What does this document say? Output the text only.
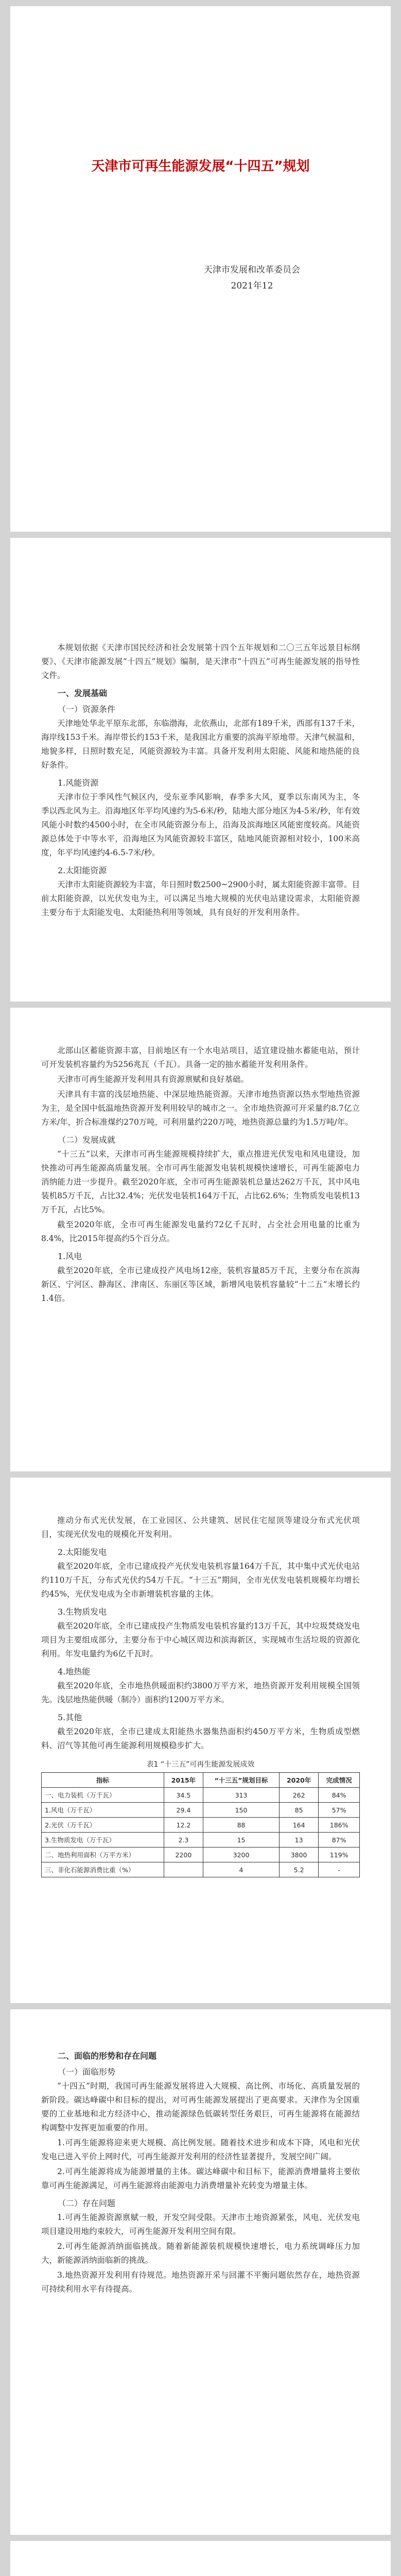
天津市可再生能源发展“十四五”规划
天津市发展和改革委员会
2021年12

本规划依据《天津市国民经济和社会发展第十四个五年规划和二〇三五年远景目标纲要》、《天津市能源发展“十四五”规划》编制，是天津市“十四五”可再生能源发展的指导性文件。

一、发展基础
（一）资源条件

天津地处华北平原东北部，东临渤海，北依燕山，北部有189千米，西部有137千米，海岸线153千米。海岸带长约153千米，是我国北方重要的滨海平原地带。天津气候温和，地貌多样，日照时数充足，风能资源较为丰富。具备开发利用太阳能、风能和地热能的良好条件。

1.风能资源

天津市位于季风性气候区内，受东亚季风影响，春季多大风，夏季以东南风为主，冬季以西北风为主。沿海地区年平均风速约为5-6米/秒，陆地大部分地区为4-5米/秒，年有效风能小时数约4500小时，在全市风能资源分布上，沿海及滨海地区风能密度较高。风能资源总体处于中等水平，沿海地区为风能资源较丰富区，陆地风能资源相对较小，100米高度，年平均风速约4-6.5-7米/秒。

2.太阳能资源

天津市太阳能资源较为丰富，年日照时数2500~2900小时，属太阳能资源丰富带。目前太阳能资源，以光伏发电为主，可以满足当地大规模的光伏电站建设需求，太阳能资源主要分布于太阳能发电、太阳能热利用等领域，具有良好的开发利用条件。

北部山区蓄能资源丰富，目前地区有一个水电站项目，适宜建设抽水蓄能电站，预计可开发装机容量约为5256兆瓦（千瓦）。具备一定的抽水蓄能开发利用条件。

天津市可再生能源开发利用具有资源禀赋和良好基础。

天津具有丰富的浅层地热能、中深层地热能资源。天津市地热资源以热水型地热资源为主，是全国中低温地热资源开发利用较早的城市之一。全市地热资源可开采量约8.7亿立方米/年，折合标准煤约270万吨，可利用量约220万吨，地热资源总量约为1.5万吨/年。

（二）发展成就

“十三五”以来，天津市可再生能源规模持续扩大，重点推进光伏发电和风电建设，加快推动可再生能源高质量发展。全市可再生能源发电装机规模快速增长，可再生能源电力消纳能力进一步提升。截至2020年底，全市可再生能源装机总量达262万千瓦，其中风电装机85万千瓦，占比32.4%；光伏发电装机164万千瓦，占比62.6%；生物质发电装机13万千瓦，占比5%。

截至2020年底，全市可再生能源发电量约72亿千瓦时，占全社会用电量的比重为8.4%，比2015年提高约5个百分点。

1.风电

截至2020年底，全市已建成投产风电场12座，装机容量85万千瓦，主要分布在滨海新区、宁河区、静海区、津南区、东丽区等区域，新增风电装机容量较“十二五”末增长约1.4倍。

推动分布式光伏发展，在工业园区、公共建筑、居民住宅屋顶等建设分布式光伏项目，实现光伏发电的规模化开发利用。

2.太阳能发电

截至2020年底，全市已建成投产光伏发电装机容量164万千瓦，其中集中式光伏电站约110万千瓦，分布式光伏约54万千瓦。“十三五”期间，全市光伏发电装机规模年均增长约45%，光伏发电成为全市新增装机容量的主体。

3.生物质发电

截至2020年底，全市已建成投产生物质发电装机容量约13万千瓦，其中垃圾焚烧发电项目为主要组成部分，主要分布于中心城区周边和滨海新区，实现城市生活垃圾的资源化利用。年发电量约为6亿千瓦时。

4.地热能

截至2020年底，全市地热供暖面积约3800万平方米，地热资源开发利用规模全国领先。浅层地热能供暖（制冷）面积约1200万平方米。

5.其他

截至2020年底，全市已建成太阳能热水器集热面积约450万平方米，生物质成型燃料、沼气等其他可再生能源利用规模稳步扩大。

表1 “十三五”可再生能源发展成效
指标	2015年	“十三五”规划目标	2020年	完成情况
一、电力装机（万千瓦）	34.5	313	262	84%
1.风电（万千瓦）	29.4	150	85	57%
2.光伏（万千瓦）	12.2	88	164	186%
3.生物质发电（万千瓦）	2.3	15	13	87%
二、地热利用面积（万平方米）	2200	3200	3800	119%
三、非化石能源消费比重（%）		4	5.2	-
二、面临的形势和存在问题
（一）面临形势

“十四五”时期，我国可再生能源发展将进入大规模、高比例、市场化、高质量发展的新阶段。碳达峰碳中和目标的提出，对可再生能源发展提出了更高要求。天津作为全国重要的工业基地和北方经济中心，推动能源绿色低碳转型任务艰巨，可再生能源将在能源结构调整中发挥更加重要的作用。

1.可再生能源将迎来更大规模、高比例发展。随着技术进步和成本下降，风电和光伏发电已进入平价上网时代，可再生能源开发利用的经济性显著提升，发展空间广阔。

2.可再生能源将成为能源增量的主体。碳达峰碳中和目标下，能源消费增量将主要依靠可再生能源满足，可再生能源将由能源电力消费增量补充转变为增量主体。

（二）存在问题

1.可再生能源资源禀赋一般，开发空间受限。天津市土地资源紧张，风电、光伏发电项目建设用地约束较大，可再生能源开发利用空间有限。

2.可再生能源消纳面临挑战。随着新能源装机规模快速增长，电力系统调峰压力加大，新能源消纳面临新的挑战。

3.地热资源开发利用有待规范。地热资源开采与回灌不平衡问题依然存在，地热资源可持续利用水平有待提高。
